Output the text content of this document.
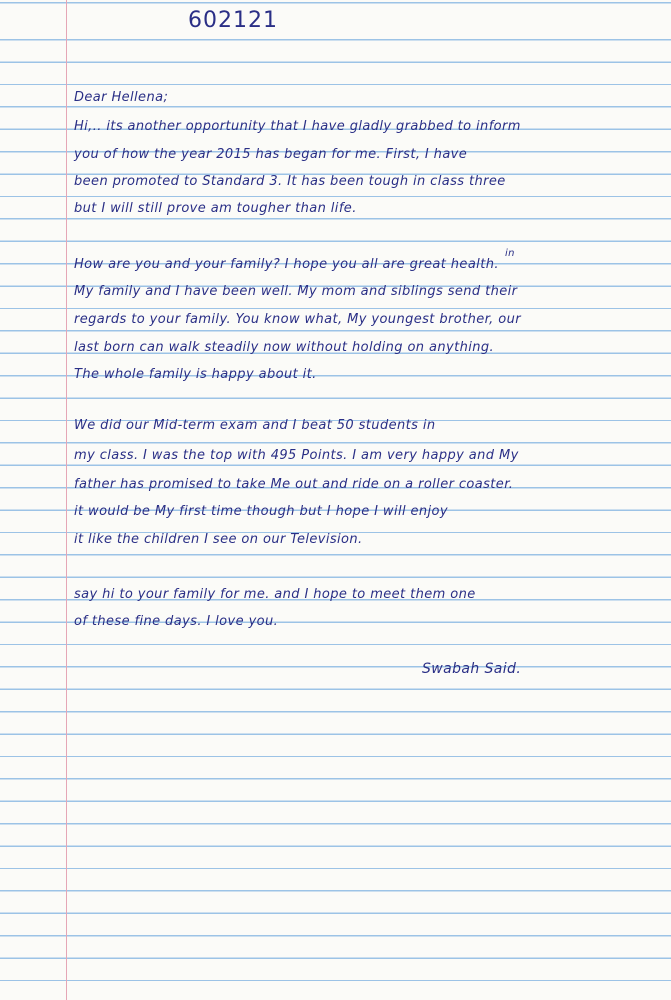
602121
Dear Hellena;
Hi,.. its another opportunity that I have gladly grabbed to inform
you of how the year 2015 has began for me. First, I have
been promoted to Standard 3. It has been tough in class three
but I will still prove am tougher than life.
in
How are you and your family? I hope you all are great health.
My family and I have been well. My mom and siblings send their
regards to your family. You know what, My youngest brother, our
last born can walk steadily now without holding on anything.
The whole family is happy about it.
We did our Mid-term exam and I beat 50 students in
my class. I was the top with 495 Points. I am very happy and My
father has promised to take Me out and ride on a roller coaster.
it would be My first time though but I hope I will enjoy
it like the children I see on our Television.
say hi to your family for me. and I hope to meet them one
of these fine days. I love you.
Swabah Said.
